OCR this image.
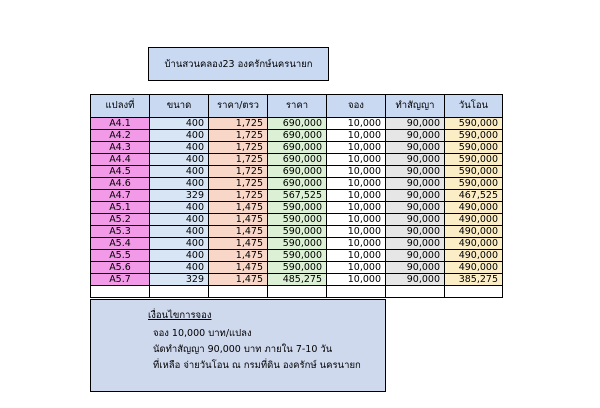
บ้านสวนคลอง23 องครักษ์นครนายก
แปลงที่	ขนาด	ราคา/ตรว	ราคา	จอง	ทำสัญญา	วันโอน
A4.1	400	1,725	690,000	10,000	90,000	590,000
A4.2	400	1,725	690,000	10,000	90,000	590,000
A4.3	400	1,725	690,000	10,000	90,000	590,000
A4.4	400	1,725	690,000	10,000	90,000	590,000
A4.5	400	1,725	690,000	10,000	90,000	590,000
A4.6	400	1,725	690,000	10,000	90,000	590,000
A4.7	329	1,725	567,525	10,000	90,000	467,525
A5.1	400	1,475	590,000	10,000	90,000	490,000
A5.2	400	1,475	590,000	10,000	90,000	490,000
A5.3	400	1,475	590,000	10,000	90,000	490,000
A5.4	400	1,475	590,000	10,000	90,000	490,000
A5.5	400	1,475	590,000	10,000	90,000	490,000
A5.6	400	1,475	590,000	10,000	90,000	490,000
A5.7	329	1,475	485,275	10,000	90,000	385,275

เงื่อนไขการจอง
จอง 10,000 บาท/แปลง
นัดทำสัญญา 90,000 บาท ภายใน 7-10 วัน
ที่เหลือ จ่ายวันโอน ณ กรมที่ดิน องครักษ์ นครนายก
